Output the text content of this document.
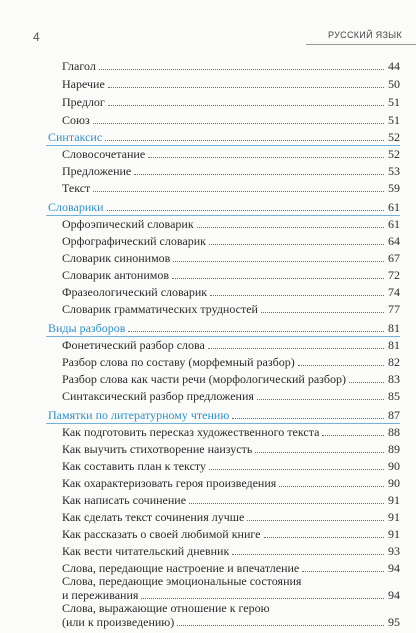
4	РУССКИЙ ЯЗЫК
Глагол	44
Наречие	50
Предлог	51
Союз	51
Синтаксис	52
Словосочетание	52
Предложение	53
Текст	59
Словарики	61
Орфоэпический словарик	61
Орфографический словарик	64
Словарик синонимов	67
Словарик антонимов	72
Фразеологический словарик	74
Словарик грамматических трудностей	77
Виды разборов	81
Фонетический разбор слова	81
Разбор слова по составу (морфемный разбор)	82
Разбор слова как части речи (морфологический разбор)	83
Синтаксический разбор предложения	85
Памятки по литературному чтению	87
Как подготовить пересказ художественного текста	88
Как выучить стихотворение наизусть	89
Как составить план к тексту	90
Как охарактеризовать героя произведения	90
Как написать сочинение	91
Как сделать текст сочинения лучше	91
Как рассказать о своей любимой книге	91
Как вести читательский дневник	93
Слова, передающие настроение и впечатление	94
Слова, передающие эмоциональные состояния
и переживания	94
Слова, выражающие отношение к герою
(или к произведению)	95
